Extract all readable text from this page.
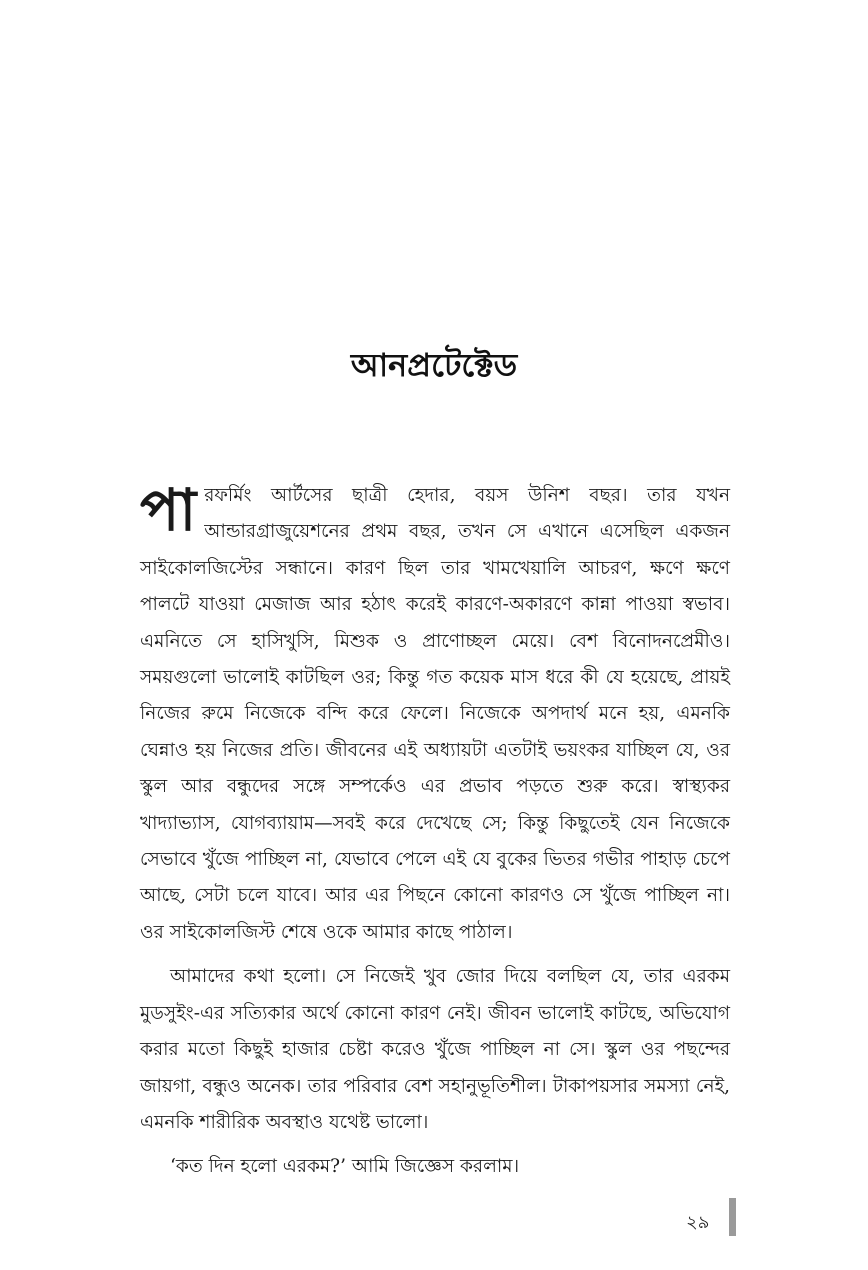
আনপ্রটেক্টেড

পারফর্মিং আর্টসের ছাত্রী হেদার, বয়স উনিশ বছর। তার যখন আন্ডারগ্রাজুয়েশনের প্রথম বছর, তখন সে এখানে এসেছিল একজন সাইকোলজিস্টের সন্ধানে। কারণ ছিল তার খামখেয়ালি আচরণ, ক্ষণে ক্ষণে পালটে যাওয়া মেজাজ আর হঠাৎ করেই কারণে-অকারণে কান্না পাওয়া স্বভাব। এমনিতে সে হাসিখুসি, মিশুক ও প্রাণোচ্ছল মেয়ে। বেশ বিনোদনপ্রেমীও। সময়গুলো ভালোই কাটছিল ওর; কিন্তু গত কয়েক মাস ধরে কী যে হয়েছে, প্রায়ই নিজের রুমে নিজেকে বন্দি করে ফেলে। নিজেকে অপদার্থ মনে হয়, এমনকি ঘেন্নাও হয় নিজের প্রতি। জীবনের এই অধ্যায়টা এতটাই ভয়ংকর যাচ্ছিল যে, ওর স্কুল আর বন্ধুদের সঙ্গে সম্পর্কেও এর প্রভাব পড়তে শুরু করে। স্বাস্থ্যকর খাদ্যাভ্যাস, যোগব্যায়াম—সবই করে দেখেছে সে; কিন্তু কিছুতেই যেন নিজেকে সেভাবে খুঁজে পাচ্ছিল না, যেভাবে পেলে এই যে বুকের ভিতর গভীর পাহাড় চেপে আছে, সেটা চলে যাবে। আর এর পিছনে কোনো কারণও সে খুঁজে পাচ্ছিল না। ওর সাইকোলজিস্ট শেষে ওকে আমার কাছে পাঠাল।

আমাদের কথা হলো। সে নিজেই খুব জোর দিয়ে বলছিল যে, তার এরকম মুডসুইং-এর সত্যিকার অর্থে কোনো কারণ নেই। জীবন ভালোই কাটছে, অভিযোগ করার মতো কিছুই হাজার চেষ্টা করেও খুঁজে পাচ্ছিল না সে। স্কুল ওর পছন্দের জায়গা, বন্ধুও অনেক। তার পরিবার বেশ সহানুভূতিশীল। টাকাপয়সার সমস্যা নেই, এমনকি শারীরিক অবস্থাও যথেষ্ট ভালো।

‘কত দিন হলো এরকম?’ আমি জিজ্ঞেস করলাম।

২৯
